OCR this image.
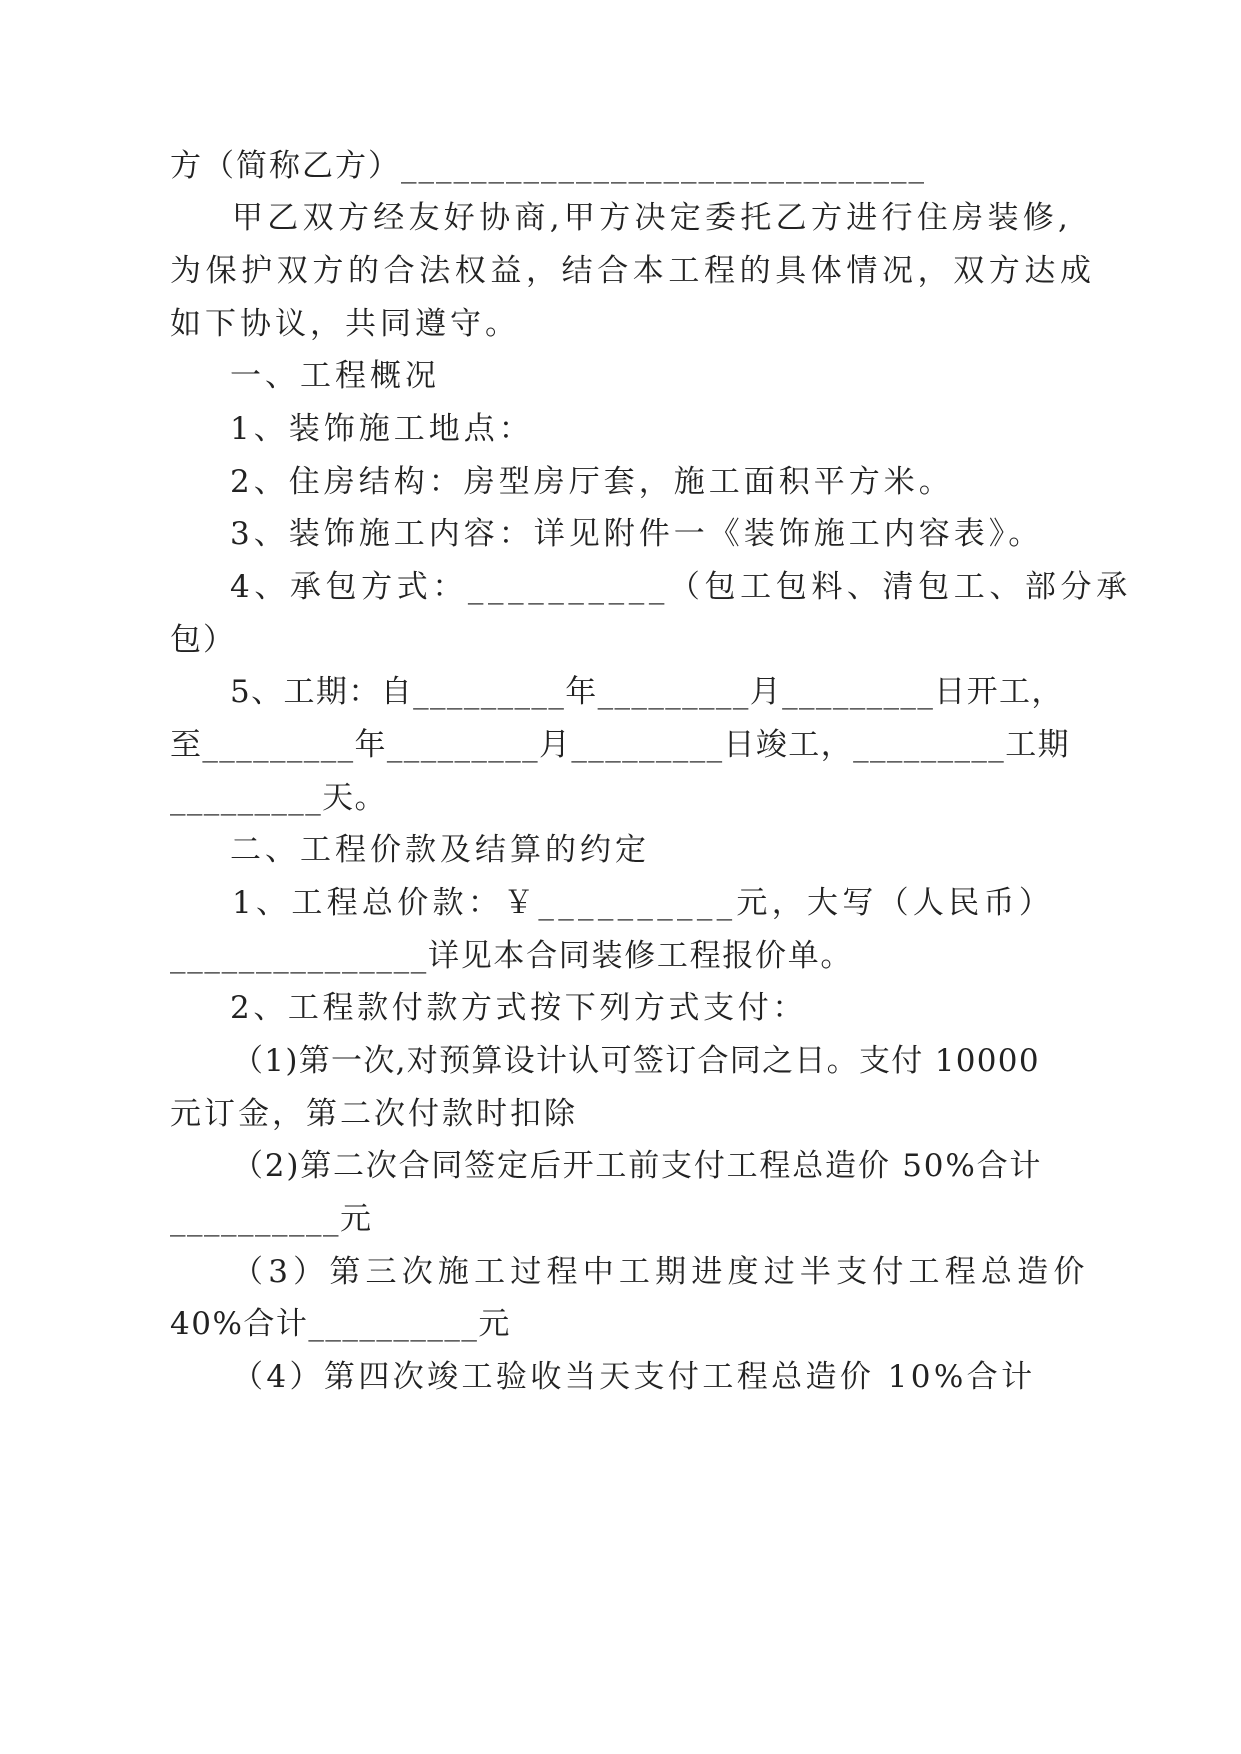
方（简称乙方）______________________________
甲乙双方经友好协商,甲方决定委托乙方进行住房装修,
为保护双方的合法权益，结合本工程的具体情况，双方达成
如下协议，共同遵守。
一、工程概况
1、装饰施工地点：
2、住房结构：房型房厅套，施工面积平方米。
3、装饰施工内容：详见附件一《装饰施工内容表》。
4、承包方式：__________（包工包料、清包工、部分承
包）
5、工期：自_________年_________月_________日开工，
至_________年_________月_________日竣工，_________工期
_________天。
二、工程价款及结算的约定
1、工程总价款：￥__________元，大写（人民币）
_______________详见本合同装修工程报价单。
2、工程款付款方式按下列方式支付：
（1)第一次,对预算设计认可签订合同之日。支付 10000
元订金，第二次付款时扣除
（2)第二次合同签定后开工前支付工程总造价 50%合计
__________元
（3）第三次施工过程中工期进度过半支付工程总造价
40%合计__________元
（4）第四次竣工验收当天支付工程总造价 10%合计
